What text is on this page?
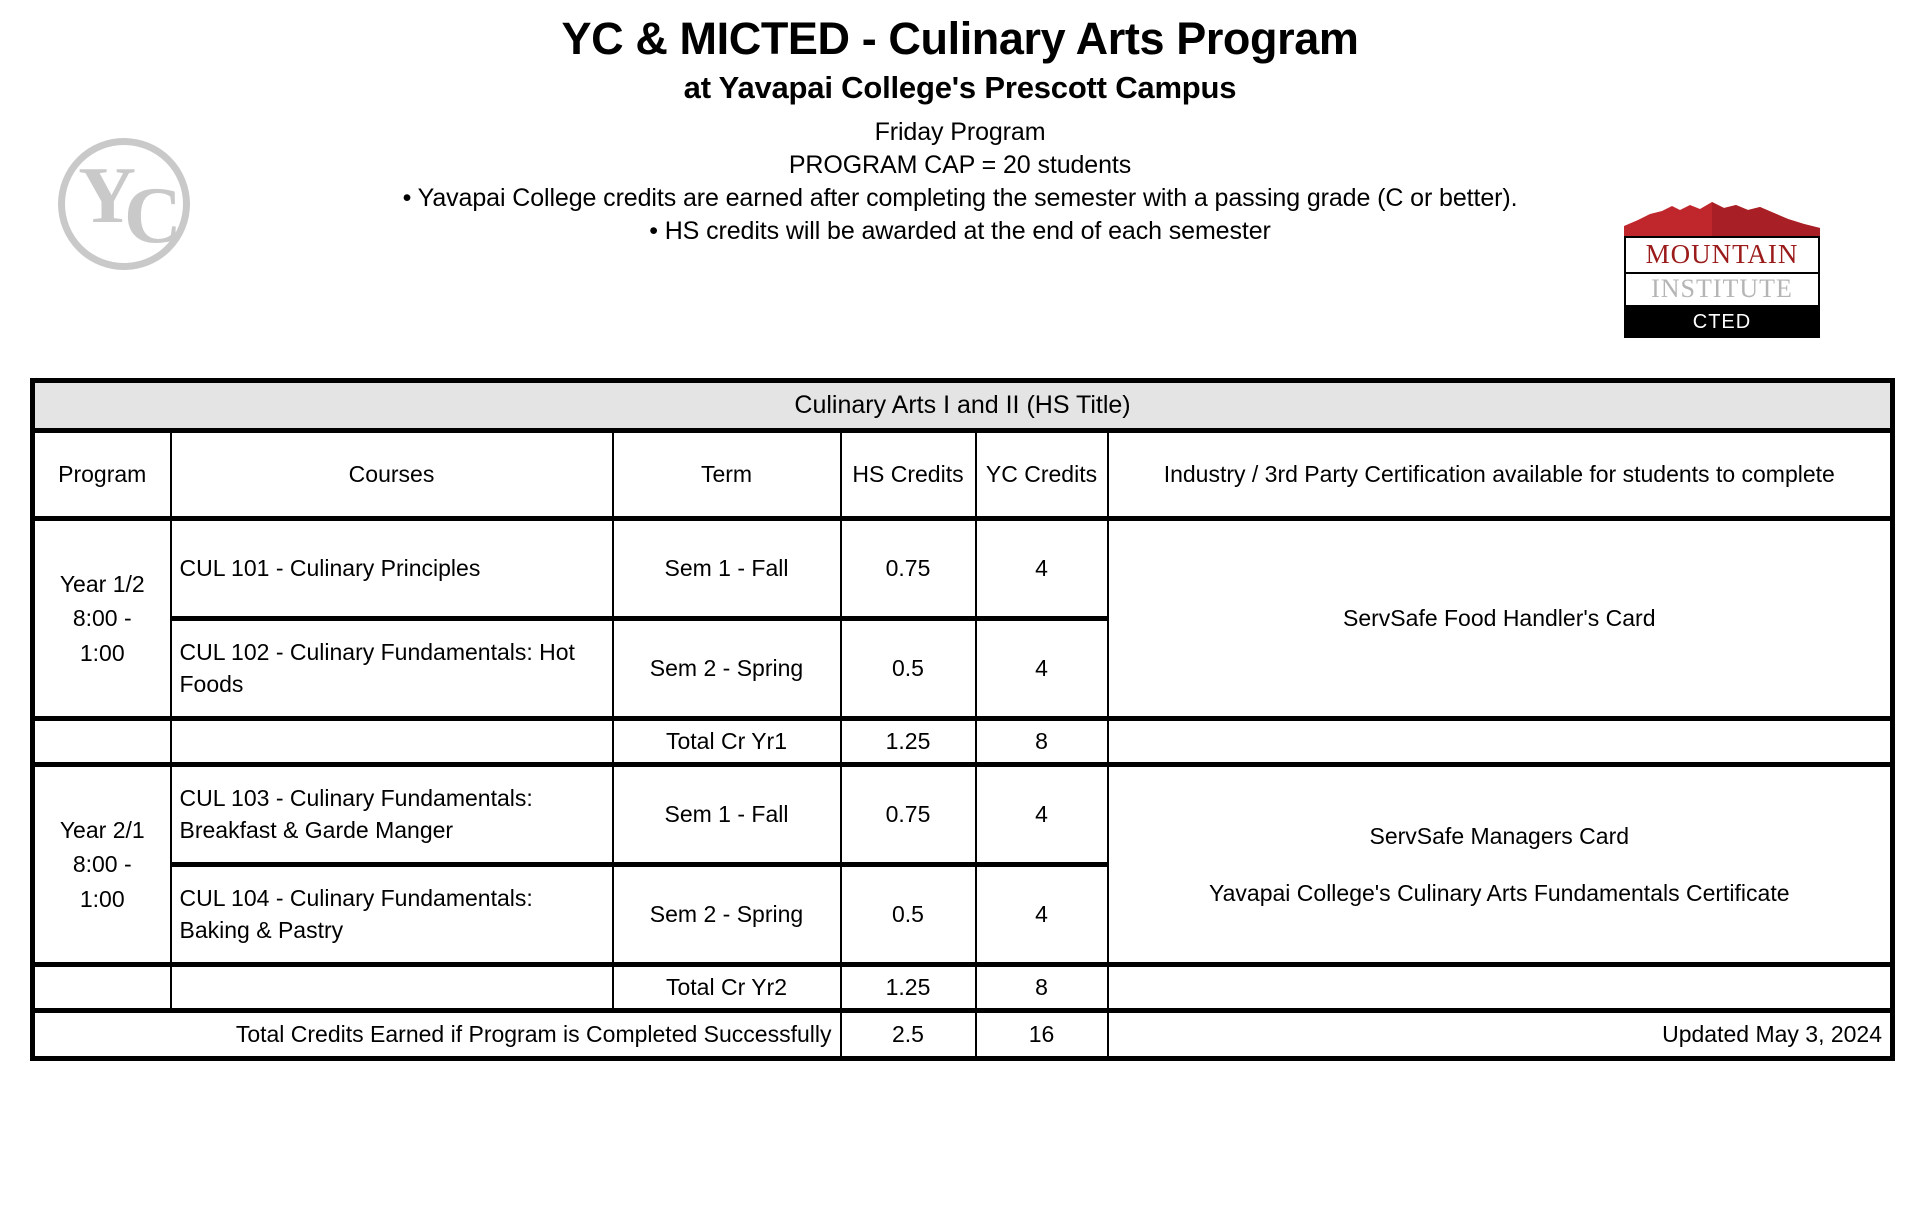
YC & MICTED - Culinary Arts Program
at Yavapai College's Prescott Campus

Friday Program

PROGRAM CAP = 20 students

• Yavapai College credits are earned after completing the semester with a passing grade (C or better).

• HS credits will be awarded at the end of each semester

Y
C	MOUNTAIN
INSTITUTE
CTED
Culinary Arts I and II (HS Title)					
Program	Courses	Term	HS Credits	YC Credits	Industry / 3rd Party Certification available for students to complete
Year 1/2
8:00 -
1:00	CUL 101 - Culinary Principles	Sem 1 - Fall	0.75	4	ServSafe Food Handler's Card
	CUL 102 - Culinary Fundamentals: Hot Foods	Sem 2 - Spring	0.5	4	
		Total Cr Yr1	1.25	8	
Year 2/1
8:00 -
1:00	CUL 103 - Culinary Fundamentals: Breakfast & Garde Manger	Sem 1 - Fall	0.75	4	ServSafe Managers Card
Yavapai College's Culinary Arts Fundamentals Certificate

	CUL 104 - Culinary Fundamentals: Baking & Pastry	Sem 2 - Spring	0.5	4	
		Total Cr Yr2	1.25	8	
Total Credits Earned if Program is Completed Successfully			2.5	16	Updated May 3, 2024
